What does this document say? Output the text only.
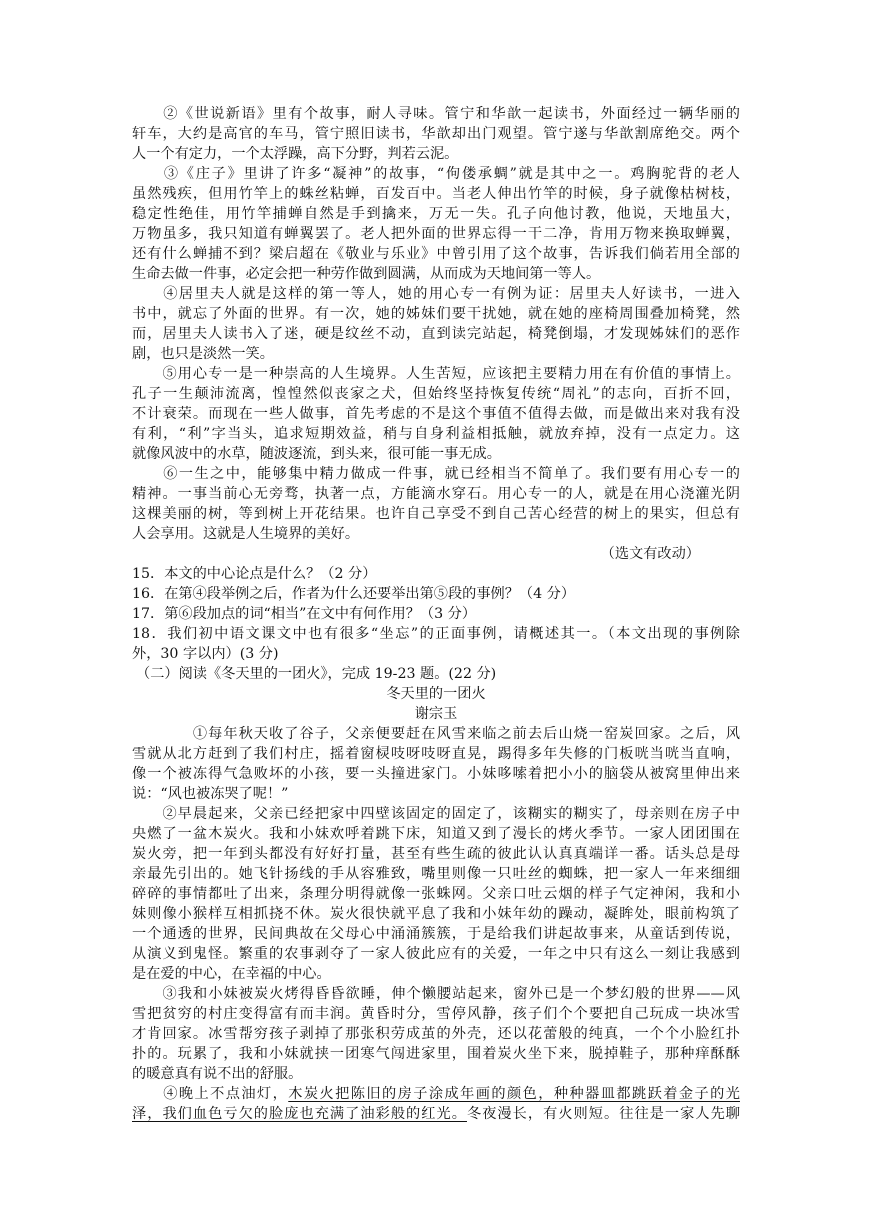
　　②《世说新语》里有个故事，耐人寻味。管宁和华歆一起读书，外面经过一辆华丽的
轩车，大约是高官的车马，管宁照旧读书，华歆却出门观望。管宁遂与华歆割席绝交。两个
人一个有定力，一个太浮躁，高下分野，判若云泥。
　　③《庄子》里讲了许多“凝神”的故事，“佝偻承蜩”就是其中之一。鸡胸驼背的老人
虽然残疾，但用竹竿上的蛛丝粘蝉，百发百中。当老人伸出竹竿的时候，身子就像枯树枝，
稳定性绝佳，用竹竿捕蝉自然是手到擒来，万无一失。孔子向他讨教，他说，天地虽大，
万物虽多，我只知道有蝉翼罢了。老人把外面的世界忘得一干二净，肯用万物来换取蝉翼，
还有什么蝉捕不到？梁启超在《敬业与乐业》中曾引用了这个故事，告诉我们倘若用全部的
生命去做一件事，必定会把一种劳作做到圆满，从而成为天地间第一等人。
　　④居里夫人就是这样的第一等人，她的用心专一有例为证：居里夫人好读书，一进入
书中，就忘了外面的世界。有一次，她的姊妹们要干扰她，就在她的座椅周围叠加椅凳，然
而，居里夫人读书入了迷，硬是纹丝不动，直到读完站起，椅凳倒塌，才发现姊妹们的恶作
剧，也只是淡然一笑。
　　⑤用心专一是一种崇高的人生境界。人生苦短，应该把主要精力用在有价值的事情上。
孔子一生颠沛流离，惶惶然似丧家之犬，但始终坚持恢复传统“周礼”的志向，百折不回，
不计衰荣。而现在一些人做事，首先考虑的不是这个事值不值得去做，而是做出来对我有没
有利，“利”字当头，追求短期效益，稍与自身利益相抵触，就放弃掉，没有一点定力。这
就像风波中的水草，随波逐流，到头来，很可能一事无成。
　　⑥一生之中，能够集中精力做成一件事，就已经相当不简单了。我们要有用心专一的
精神。一事当前心无旁骛，执著一点，方能滴水穿石。用心专一的人，就是在用心浇灌光阴
这棵美丽的树，等到树上开花结果。也许自己享受不到自己苦心经营的树上的果实，但总有
人会享用。这就是人生境界的美好。
（选文有改动）
15．本文的中心论点是什么？（2 分）
16．在第④段举例之后，作者为什么还要举出第⑤段的事例？（4 分）
17．第⑥段加点的词“相当”在文中有何作用？（3 分）
18．我们初中语文课文中也有很多“坐忘”的正面事例，请概述其一。（本文出现的事例除
外，30 字以内）(3 分)
（二）阅读《冬天里的一团火》，完成 19-23 题。(22 分)
冬天里的一团火
谢宗玉
　　　　①每年秋天收了谷子，父亲便要赶在风雪来临之前去后山烧一窑炭回家。之后，风
雪就从北方赶到了我们村庄，摇着窗棂吱呀吱呀直晃，踢得多年失修的门板咣当咣当直响，
像一个被冻得气急败坏的小孩，要一头撞进家门。小妹哆嗦着把小小的脑袋从被窝里伸出来
说：“风也被冻哭了呢！”
　　②早晨起来，父亲已经把家中四壁该固定的固定了，该糊实的糊实了，母亲则在房子中
央燃了一盆木炭火。我和小妹欢呼着跳下床，知道又到了漫长的烤火季节。一家人团团围在
炭火旁，把一年到头都没有好好打量，甚至有些生疏的彼此认认真真端详一番。话头总是母
亲最先引出的。她飞针扬线的手从容雅致，嘴里则像一只吐丝的蜘蛛，把一家人一年来细细
碎碎的事情都吐了出来，条理分明得就像一张蛛网。父亲口吐云烟的样子气定神闲，我和小
妹则像小猴样互相抓挠不休。炭火很快就平息了我和小妹年幼的躁动，凝眸处，眼前构筑了
一个通透的世界，民间典故在父母心中涌涌簇簇，于是给我们讲起故事来，从童话到传说，
从演义到鬼怪。繁重的农事剥夺了一家人彼此应有的关爱，一年之中只有这么一刻让我感到
是在爱的中心，在幸福的中心。
　　③我和小妹被炭火烤得昏昏欲睡，伸个懒腰站起来，窗外已是一个梦幻般的世界——风
雪把贫穷的村庄变得富有而丰润。黄昏时分，雪停风静，孩子们个个要把自己玩成一块冰雪
才肯回家。冰雪帮穷孩子剥掉了那张积劳成茧的外壳，还以花蕾般的纯真，一个个小脸红扑
扑的。玩累了，我和小妹就挟一团寒气闯进家里，围着炭火坐下来，脱掉鞋子，那种痒酥酥
的暖意真有说不出的舒服。
　　④晚上不点油灯，木炭火把陈旧的房子涂成年画的颜色，种种器皿都跳跃着金子的光
泽，我们血色亏欠的脸庞也充满了油彩般的红光。冬夜漫长，有火则短。往往是一家人先聊
